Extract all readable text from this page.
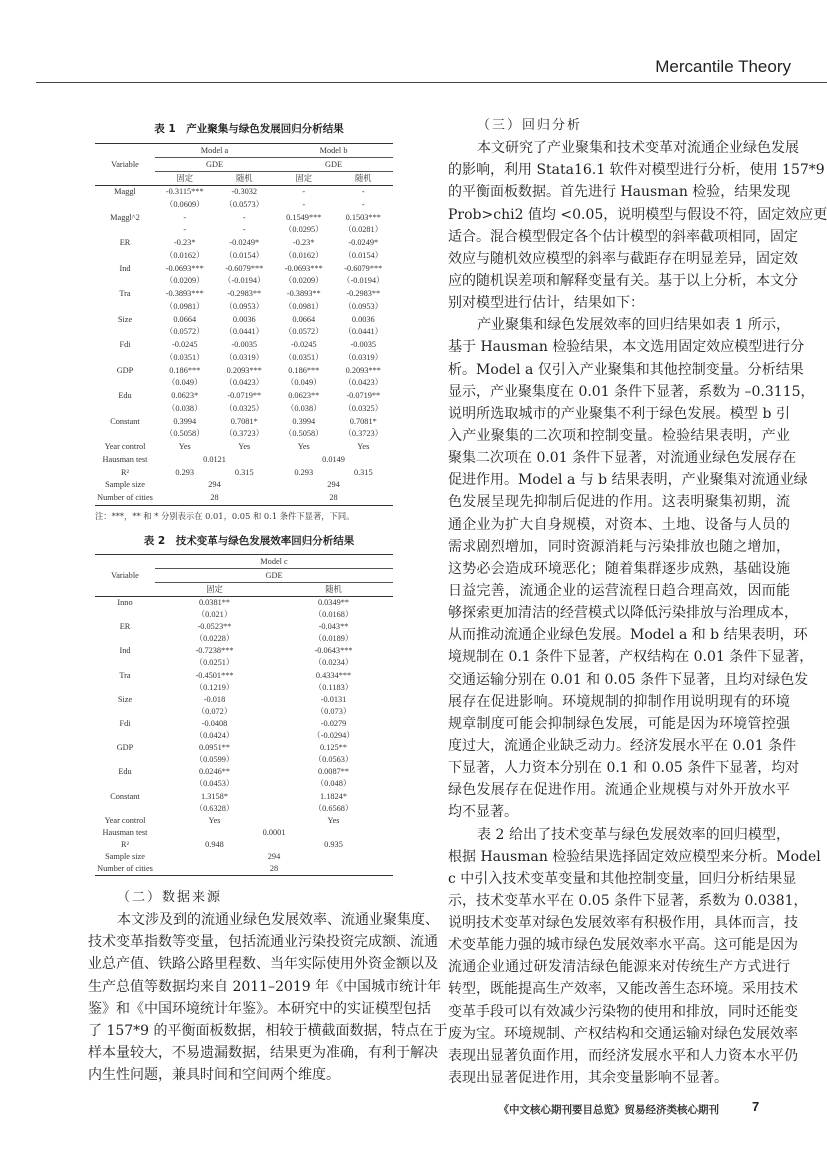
Mercantile Theory
表 1　产业聚集与绿色发展回归分析结果
Variable	Model a		Model b	
	GDE		GDE	
	固定	随机	固定	随机
Maggl	-0.3115***	-0.3032	-	-
	（0.0609）	（0.0573）	-	-
Maggl^2	-	-	0.1549***	0.1503***
	-	-	（0.0295）	（0.0281）
ER	-0.23*	-0.0249*	-0.23*	-0.0249*
	（0.0162）	（0.0154）	（0.0162）	（0.0154）
Ind	-0.0693***	-0.6079***	-0.0693***	-0.6079***
	（0.0209）	（-0.0194）	（0.0209）	（-0.0194）
Tra	-0.3893***	-0.2983**	-0.3893**	-0.2983**
	（0.0981）	（0.0953）	（0.0981）	（0.0953）
Size	0.0664	0.0036	0.0664	0.0036
	（0.0572）	（0.0441）	（0.0572）	（0.0441）
Fdi	-0.0245	-0.0035	-0.0245	-0.0035
	（0.0351）	（0.0319）	（0.0351）	（0.0319）
GDP	0.186***	0.2093***	0.186***	0.2093***
	（0.049）	（0.0423）	（0.049）	（0.0423）
Edu	0.0623*	-0.0719**	0.0623**	-0.0719**
	（0.038）	（0.0325）	（0.038）	（0.0325）
Constant	0.3994	0.7081*	0.3994	0.7081*
	（0.5058）	（0.3723）	（0.5058）	（0.3723）
Year control	Yes	Yes	Yes	Yes
Hausman test	0.0121		0.0149	
R²	0.293	0.315	0.293	0.315
Sample size	294		294	
Number of cities	28		28	
注：***，** 和 * 分别表示在 0.01，0.05 和 0.1 条件下显著，下同。
表 2　技术变革与绿色发展效率回归分析结果
Variable	Model c	
	GDE	
	固定	随机
Inno	0.0381**	0.0349**
	（0.021）	（0.0168）
ER	-0.0523**	-0.043**
	（0.0228）	（0.0189）
Ind	-0.7238***	-0.0643***
	（0.0251）	（0.0234）
Tra	-0.4501***	0.4334***
	（0.1219）	（0.1183）
Size	-0.018	-0.0131
	（0.072）	（0.073）
Fdi	-0.0408	-0.0279
	（0.0424）	（-0.0294）
GDP	0.0951**	0.125**
	（0.0599）	（0.0563）
Edu	0.0246**	0.0087**
	（0.0453）	（0.048）
Constant	1.3158*	1.1824*
	（0.6328）	（0.6568）
Year control	Yes	Yes
Hausman test	0.0001	
R²	0.948	0.935
Sample size	294	
Number of cities	28	
（二）数据来源
本文涉及到的流通业绿色发展效率、流通业聚集度、
技术变革指数等变量，包括流通业污染投资完成额、流通
业总产值、铁路公路里程数、当年实际使用外资金额以及
生产总值等数据均来自 2011–2019 年《中国城市统计年
鉴》和《中国环境统计年鉴》。本研究中的实证模型包括
了 157*9 的平衡面板数据，相较于横截面数据，特点在于
样本量较大，不易遗漏数据，结果更为准确，有利于解决
内生性问题，兼具时间和空间两个维度。
（三）回归分析
本文研究了产业聚集和技术变革对流通企业绿色发展
的影响，利用 Stata16.1 软件对模型进行分析，使用 157*9
的平衡面板数据。首先进行 Hausman 检验，结果发现
Prob>chi2 值均 <0.05，说明模型与假设不符，固定效应更
适合。混合模型假定各个估计模型的斜率截项相同，固定
效应与随机效应模型的斜率与截距存在明显差异，固定效
应的随机误差项和解释变量有关。基于以上分析，本文分
别对模型进行估计，结果如下：
产业聚集和绿色发展效率的回归结果如表 1 所示，
基于 Hausman 检验结果，本文选用固定效应模型进行分
析。Model a 仅引入产业聚集和其他控制变量。分析结果
显示，产业聚集度在 0.01 条件下显著，系数为 –0.3115，
说明所选取城市的产业聚集不利于绿色发展。模型 b 引
入产业聚集的二次项和控制变量。检验结果表明，产业
聚集二次项在 0.01 条件下显著，对流通业绿色发展存在
促进作用。Model a 与 b 结果表明，产业聚集对流通业绿
色发展呈现先抑制后促进的作用。这表明聚集初期，流
通企业为扩大自身规模，对资本、土地、设备与人员的
需求剧烈增加，同时资源消耗与污染排放也随之增加，
这势必会造成环境恶化；随着集群逐步成熟，基础设施
日益完善，流通企业的运营流程日趋合理高效，因而能
够探索更加清洁的经营模式以降低污染排放与治理成本，
从而推动流通企业绿色发展。Model a 和 b 结果表明，环
境规制在 0.1 条件下显著，产权结构在 0.01 条件下显著，
交通运输分别在 0.01 和 0.05 条件下显著，且均对绿色发
展存在促进影响。环境规制的抑制作用说明现有的环境
规章制度可能会抑制绿色发展，可能是因为环境管控强
度过大，流通企业缺乏动力。经济发展水平在 0.01 条件
下显著，人力资本分别在 0.1 和 0.05 条件下显著，均对
绿色发展存在促进作用。流通企业规模与对外开放水平
均不显著。
表 2 给出了技术变革与绿色发展效率的回归模型，
根据 Hausman 检验结果选择固定效应模型来分析。Model
c 中引入技术变革变量和其他控制变量，回归分析结果显
示，技术变革水平在 0.05 条件下显著，系数为 0.0381，
说明技术变革对绿色发展效率有积极作用，具体而言，技
术变革能力强的城市绿色发展效率水平高。这可能是因为
流通企业通过研发清洁绿色能源来对传统生产方式进行
转型，既能提高生产效率，又能改善生态环境。采用技术
变革手段可以有效减少污染物的使用和排放，同时还能变
废为宝。环境规制、产权结构和交通运输对绿色发展效率
表现出显著负面作用，而经济发展水平和人力资本水平仍
表现出显著促进作用，其余变量影响不显著。
《中文核心期刊要目总览》贸易经济类核心期刊	7
